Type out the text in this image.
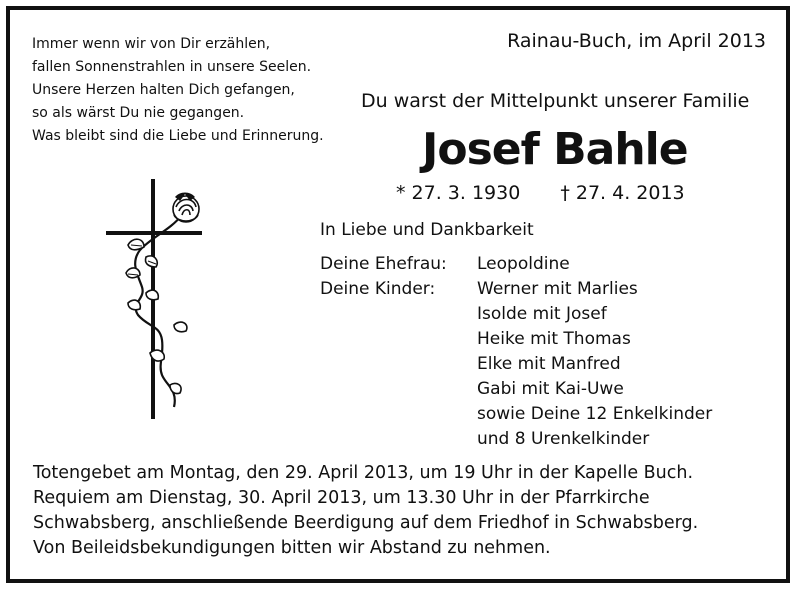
Immer wenn wir von Dir erzählen,
fallen Sonnenstrahlen in unsere Seelen.
Unsere Herzen halten Dich gefangen,
so als wärst Du nie gegangen.
Was bleibt sind die Liebe und Erinnerung.
Rainau-Buch, im April 2013
Du warst der Mittelpunkt unserer Familie
Josef Bahle
* 27. 3. 1930 † 27. 4. 2013
In Liebe und Dankbarkeit
Deine Ehefrau:	Leopoldine
Deine Kinder:	Werner mit Marlies
Isolde mit Josef
Heike mit Thomas
Elke mit Manfred
Gabi mit Kai-Uwe
sowie Deine 12 Enkelkinder
und 8 Urenkelkinder
Totengebet am Montag, den 29. April 2013, um 19 Uhr in der Kapelle Buch.
Requiem am Dienstag, 30. April 2013, um 13.30 Uhr in der Pfarrkirche
Schwabsberg, anschließende Beerdigung auf dem Friedhof in Schwabsberg.
Von Beileidsbekundigungen bitten wir Abstand zu nehmen.
